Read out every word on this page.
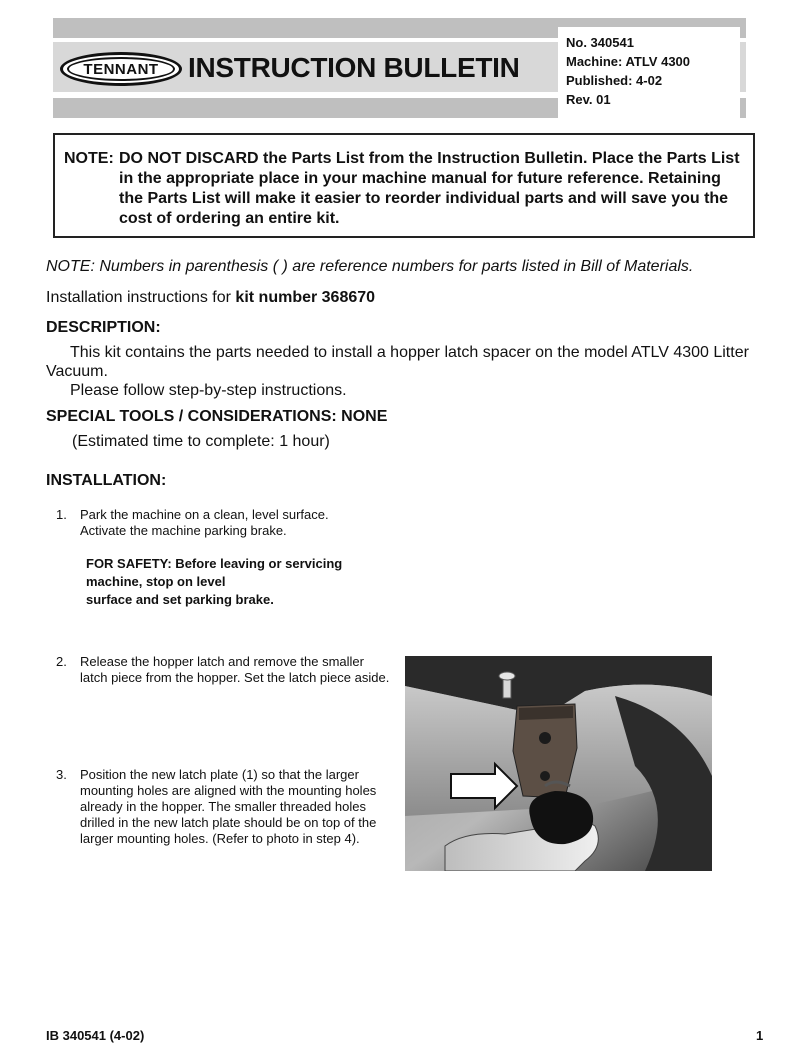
TENNANT	INSTRUCTION BULLETIN
No. 340541
Machine: ATLV 4300
Published: 4-02
Rev. 01
NOTE: DO NOT DISCARD the Parts List from the Instruction Bulletin. Place the Parts List in the appropriate place in your machine manual for future reference. Retaining the Parts List will make it easier to reorder individual parts and will save you the cost of ordering an entire kit.
NOTE: Numbers in parenthesis ( ) are reference numbers for parts listed in Bill of Materials.
Installation instructions for kit number 368670
DESCRIPTION:
This kit contains the parts needed to install a hopper latch spacer on the model ATLV 4300 Litter Vacuum.
Please follow step-by-step instructions.
SPECIAL TOOLS / CONSIDERATIONS: NONE
(Estimated time to complete: 1 hour)
INSTALLATION:
1.	Park the machine on a clean, level surface. Activate the machine parking brake.
FOR SAFETY: Before leaving or servicing
machine, stop on level
surface and set parking brake.
2.	Release the hopper latch and remove the smaller latch piece from the hopper. Set the latch piece aside.
3.	Position the new latch plate (1) so that the larger mounting holes are aligned with the mounting holes already in the hopper. The smaller threaded holes drilled in the new latch plate should be on top of the larger mounting holes. (Refer to photo in step 4).
IB 340541 (4-02)	1
